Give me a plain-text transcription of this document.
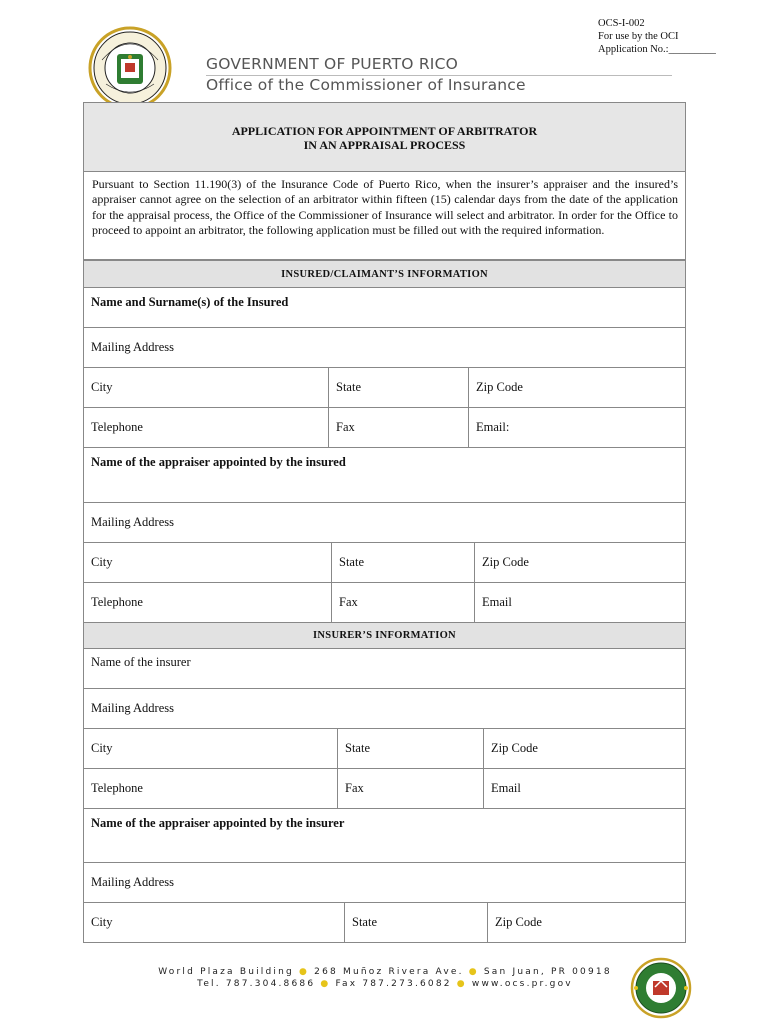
OCS-I-002
For use by the OCI
Application No.:_________
GOVERNMENT OF PUERTO RICO
Office of the Commissioner of Insurance
APPLICATION FOR APPOINTMENT OF ARBITRATOR
IN AN APPRAISAL PROCESS
Pursuant to Section 11.190(3) of the Insurance Code of Puerto Rico, when the insurer’s appraiser and the insured’s appraiser cannot agree on the selection of an arbitrator within fifteen (15) calendar days from the date of the application for the appraisal process, the Office of the Commissioner of Insurance will select and arbitrator. In order for the Office to proceed to appoint an arbitrator, the following application must be filled out with the required information.
INSURED/CLAIMANT’S INFORMATION
Name and Surname(s) of the Insured
Mailing Address
City	State	Zip Code
Telephone	Fax	Email:
Name of the appraiser appointed by the insured
Mailing Address
City	State	Zip Code
Telephone	Fax	Email
INSURER’S INFORMATION
Name of the insurer
Mailing Address
City	State	Zip Code
Telephone	Fax	Email
Name of the appraiser appointed by the insurer
Mailing Address
City	State	Zip Code
World Plaza Building ● 268 Muñoz Rivera Ave. ● San Juan, PR 00918
Tel. 787.304.8686 ● Fax 787.273.6082 ● www.ocs.pr.gov
